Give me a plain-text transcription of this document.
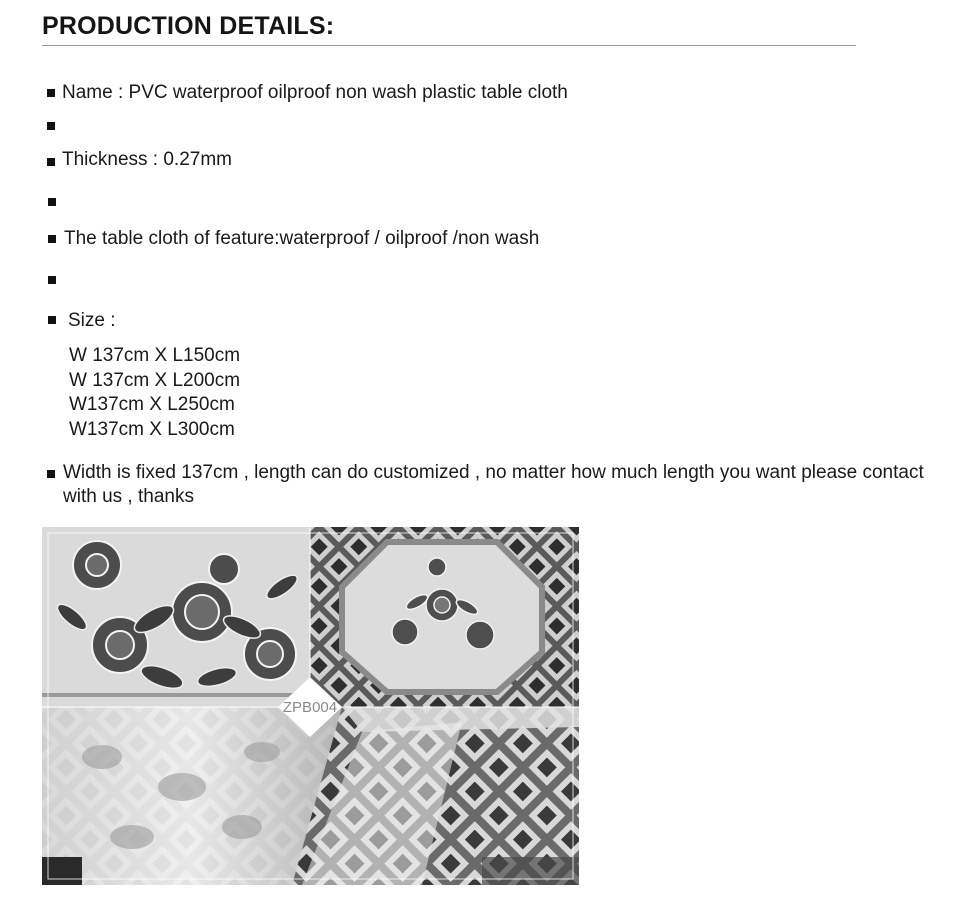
PRODUCTION DETAILS:
Name : PVC waterproof oilproof non wash plastic table cloth
Thickness : 0.27mm
The table cloth of feature:waterproof / oilproof /non wash
Size :
W 137cm X L150cm
W 137cm X L200cm
W137cm X L250cm
W137cm X L300cm
Width is fixed 137cm , length can do customized , no matter how much length you want please contact with us , thanks
ZPB004
